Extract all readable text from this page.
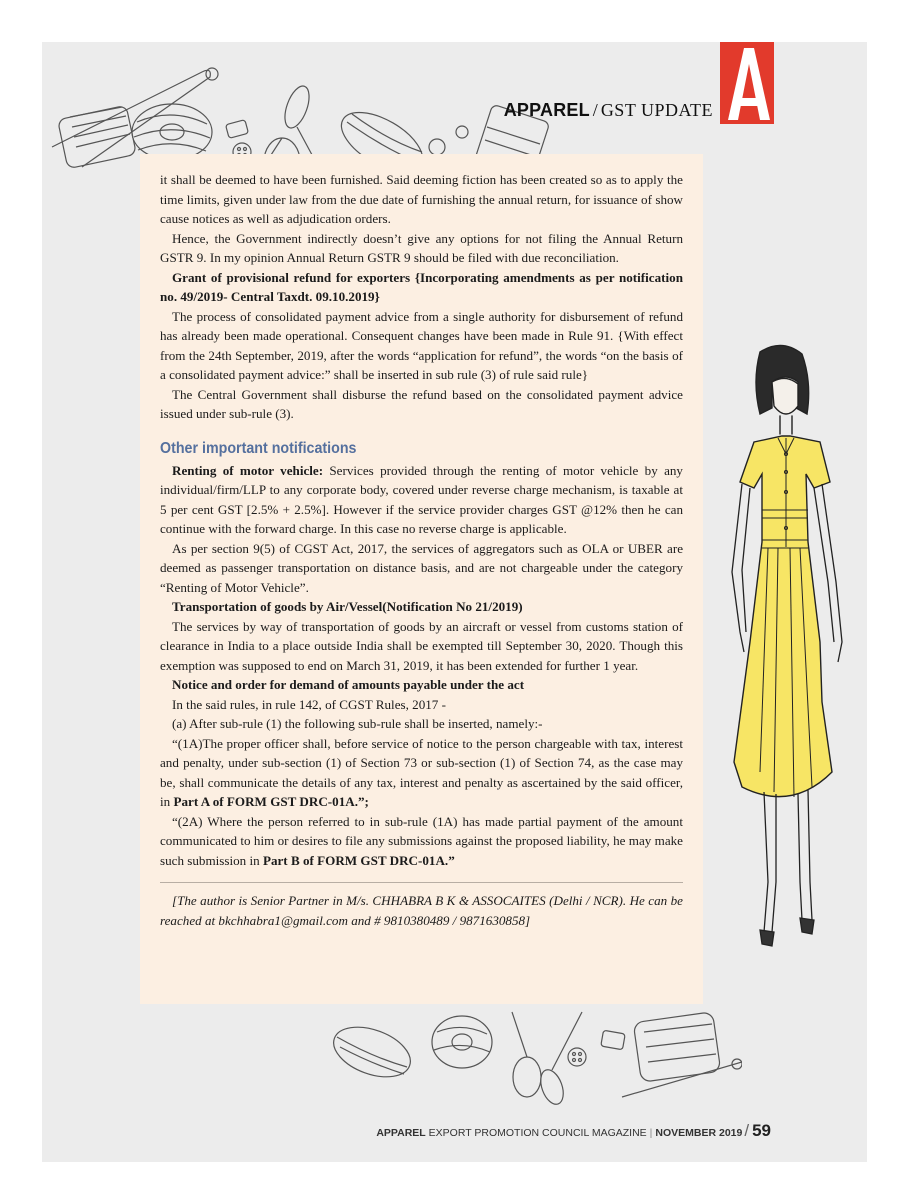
APPAREL / GST UPDATE

it shall be deemed to have been furnished. Said deeming fiction has been created so as to apply the time limits, given under law from the due date of furnishing the annual return, for issuance of show cause notices as well as adjudication orders.

Hence, the Government indirectly doesn’t give any options for not filing the Annual Return GSTR 9. In my opinion Annual Return GSTR 9 should be filed with due reconciliation.

Grant of provisional refund for exporters {Incorporating amendments as per notification no. 49/2019- Central Taxdt. 09.10.2019}

The process of consolidated payment advice from a single authority for disbursement of refund has already been made operational. Consequent changes have been made in Rule 91. {With effect from the 24th September, 2019, after the words “application for refund”, the words “on the basis of a consolidated payment advice:” shall be inserted in sub rule (3) of rule said rule}

The Central Government shall disburse the refund based on the consolidated payment advice issued under sub-rule (3).

Other important notifications

Renting of motor vehicle: Services provided through the renting of motor vehicle by any individual/firm/LLP to any corporate body, covered under reverse charge mechanism, is taxable at 5 per cent GST [2.5% + 2.5%]. However if the service provider charges GST @12% then he can continue with the forward charge. In this case no reverse charge is applicable.

As per section 9(5) of CGST Act, 2017, the services of aggregators such as OLA or UBER are deemed as passenger transportation on distance basis, and are not chargeable under the category “Renting of Motor Vehicle”.

Transportation of goods by Air/Vessel(Notification No 21/2019)

The services by way of transportation of goods by an aircraft or vessel from customs station of clearance in India to a place outside India shall be exempted till September 30, 2020. Though this exemption was supposed to end on March 31, 2019, it has been extended for further 1 year.

Notice and order for demand of amounts payable under the act

In the said rules, in rule 142, of CGST Rules, 2017 -

(a) After sub-rule (1) the following sub-rule shall be inserted, namely:-

“(1A)The proper officer shall, before service of notice to the person chargeable with tax, interest and penalty, under sub-section (1) of Section 73 or sub-section (1) of Section 74, as the case may be, shall communicate the details of any tax, interest and penalty as ascertained by the said officer, in Part A of FORM GST DRC-01A.”;

“(2A) Where the person referred to in sub-rule (1A) has made partial payment of the amount communicated to him or desires to file any submissions against the proposed liability, he may make such submission in Part B of FORM GST DRC-01A.”

[The author is Senior Partner in M/s. CHHABRA B K & ASSOCAITES (Delhi / NCR). He can be reached at bkchhabra1@gmail.com and # 9810380489 / 9871630858]

APPAREL EXPORT PROMOTION COUNCIL MAGAZINE | NOVEMBER 2019 / 59
